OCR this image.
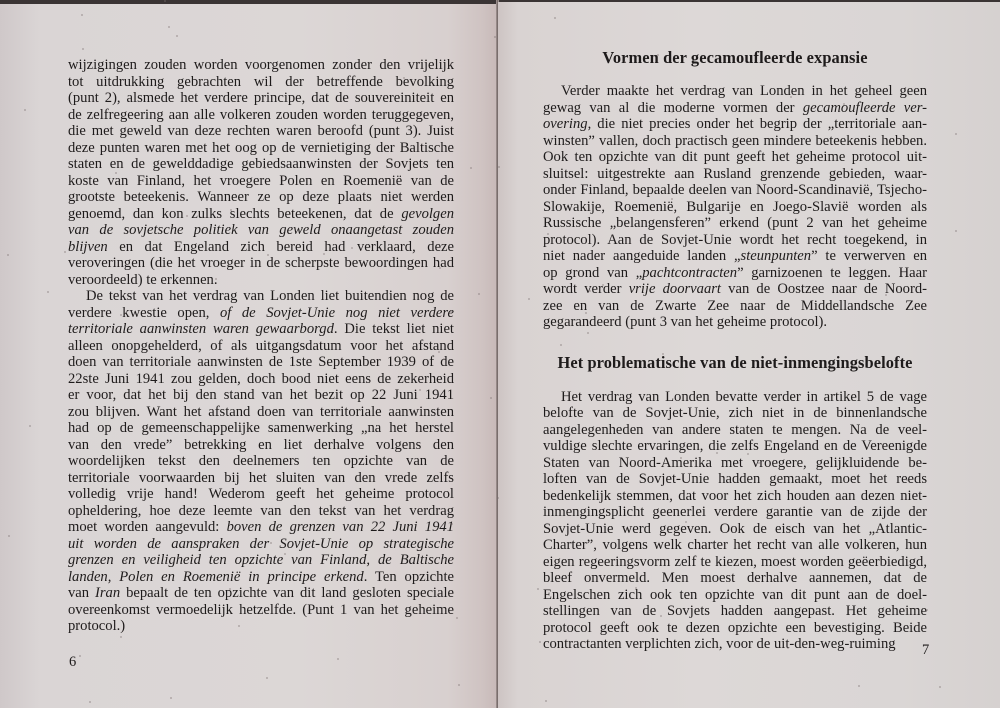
wijzigingen zouden worden voorgenomen zonder den vrijelijk
tot uitdrukking gebrachten wil der betreffende bevolking
(punt 2), alsmede het verdere principe, dat de souvereiniteit en
de zelfregeering aan alle volkeren zouden worden teruggegeven,
die met geweld van deze rechten waren beroofd (punt 3). Juist
deze punten waren met het oog op de vernietiging der Baltische
staten en de gewelddadige gebiedsaanwinsten der Sovjets ten
koste van Finland, het vroegere Polen en Roemenië van de
grootste beteekenis. Wanneer ze op deze plaats niet werden
genoemd, dan kon zulks slechts beteekenen, dat de gevolgen
van de sovjetsche politiek van geweld onaangetast zouden
blijven en dat Engeland zich bereid had verklaard, deze
veroveringen (die het vroeger in de scherpste bewoordingen had
veroordeeld) te erkennen.
De tekst van het verdrag van Londen liet buitendien nog de
verdere kwestie open, of de Sovjet-Unie nog niet verdere
territoriale aanwinsten waren gewaarborgd. Die tekst liet niet
alleen onopgehelderd, of als uitgangsdatum voor het afstand
doen van territoriale aanwinsten de 1ste September 1939 of de
22ste Juni 1941 zou gelden, doch bood niet eens de zekerheid
er voor, dat het bij den stand van het bezit op 22 Juni 1941
zou blijven. Want het afstand doen van territoriale aanwinsten
had op de gemeenschappelijke samenwerking „na het herstel
van den vrede” betrekking en liet derhalve volgens den
woordelijken tekst den deelnemers ten opzichte van de
territoriale voorwaarden bij het sluiten van den vrede zelfs
volledig vrije hand! Wederom geeft het geheime protocol
opheldering, hoe deze leemte van den tekst van het verdrag
moet worden aangevuld: boven de grenzen van 22 Juni 1941
uit worden de aanspraken der Sovjet-Unie op strategische
grenzen en veiligheid ten opzichte van Finland, de Baltische
landen, Polen en Roemenië in principe erkend. Ten opzichte
van Iran bepaalt de ten opzichte van dit land gesloten speciale
overeenkomst vermoedelijk hetzelfde. (Punt 1 van het geheime
protocol.)
6
Vormen der gecamoufleerde expansie
Verder maakte het verdrag van Londen in het geheel geen
gewag van al die moderne vormen der gecamoufleerde ver-
overing, die niet precies onder het begrip der „territoriale aan-
winsten” vallen, doch practisch geen mindere beteekenis hebben.
Ook ten opzichte van dit punt geeft het geheime protocol uit-
sluitsel: uitgestrekte aan Rusland grenzende gebieden, waar-
onder Finland, bepaalde deelen van Noord-Scandinavië, Tsjecho-
Slowakije, Roemenië, Bulgarije en Joego-Slavië worden als
Russische „belangensferen” erkend (punt 2 van het geheime
protocol). Aan de Sovjet-Unie wordt het recht toegekend, in
niet nader aangeduide landen „steunpunten” te verwerven en
op grond van „pachtcontracten” garnizoenen te leggen. Haar
wordt verder vrije doorvaart van de Oostzee naar de Noord-
zee en van de Zwarte Zee naar de Middellandsche Zee
gegarandeerd (punt 3 van het geheime protocol).
Het problematische van de niet-inmengingsbelofte
Het verdrag van Londen bevatte verder in artikel 5 de vage
belofte van de Sovjet-Unie, zich niet in de binnenlandsche
aangelegenheden van andere staten te mengen. Na de veel-
vuldige slechte ervaringen, die zelfs Engeland en de Vereenigde
Staten van Noord-Amerika met vroegere, gelijkluidende be-
loften van de Sovjet-Unie hadden gemaakt, moet het reeds
bedenkelijk stemmen, dat voor het zich houden aan dezen niet-
inmengingsplicht geenerlei verdere garantie van de zijde der
Sovjet-Unie werd gegeven. Ook de eisch van het „Atlantic-
Charter”, volgens welk charter het recht van alle volkeren, hun
eigen regeeringsvorm zelf te kiezen, moest worden geëerbiedigd,
bleef onvermeld. Men moest derhalve aannemen, dat de
Engelschen zich ook ten opzichte van dit punt aan de doel-
stellingen van de Sovjets hadden aangepast. Het geheime
protocol geeft ook te dezen opzichte een bevestiging. Beide
contractanten verplichten zich, voor de uit-den-weg-ruiming	7
